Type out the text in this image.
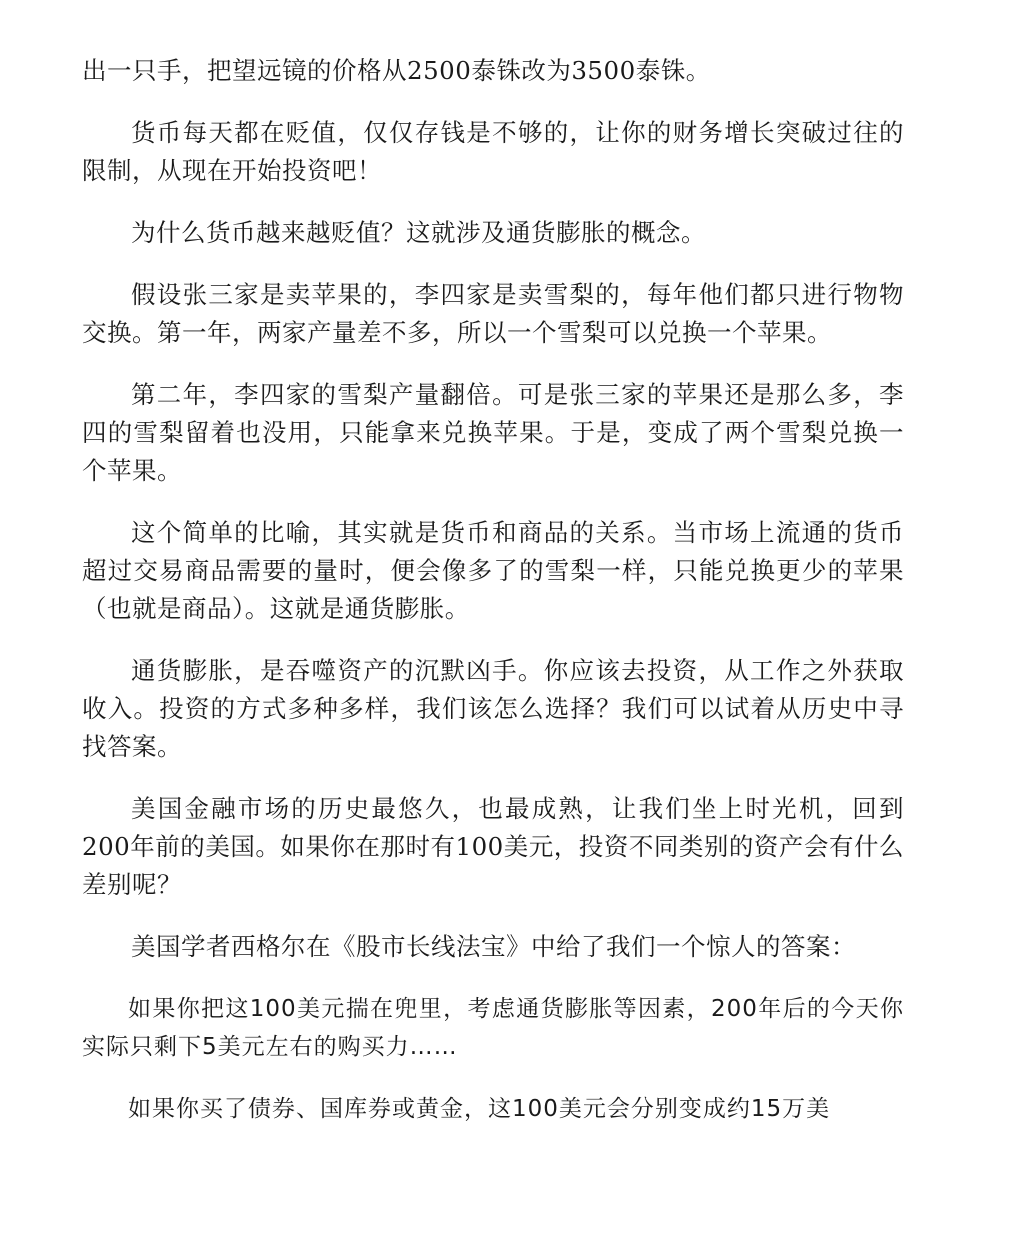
出一只手，把望远镜的价格从2500泰铢改为3500泰铢。

货币每天都在贬值，仅仅存钱是不够的，让你的财务增长突破过往的限制，从现在开始投资吧！

为什么货币越来越贬值？这就涉及通货膨胀的概念。

假设张三家是卖苹果的，李四家是卖雪梨的，每年他们都只进行物物交换。第一年，两家产量差不多，所以一个雪梨可以兑换一个苹果。

第二年，李四家的雪梨产量翻倍。可是张三家的苹果还是那么多，李四的雪梨留着也没用，只能拿来兑换苹果。于是，变成了两个雪梨兑换一个苹果。

这个简单的比喻，其实就是货币和商品的关系。当市场上流通的货币超过交易商品需要的量时，便会像多了的雪梨一样，只能兑换更少的苹果（也就是商品）。这就是通货膨胀。

通货膨胀，是吞噬资产的沉默凶手。你应该去投资，从工作之外获取收入。投资的方式多种多样，我们该怎么选择？我们可以试着从历史中寻找答案。

美国金融市场的历史最悠久，也最成熟，让我们坐上时光机，回到200年前的美国。如果你在那时有100美元，投资不同类别的资产会有什么差别呢？

美国学者西格尔在《股市长线法宝》中给了我们一个惊人的答案：

如果你把这100美元揣在兜里，考虑通货膨胀等因素，200年后的今天你实际只剩下5美元左右的购买力……

如果你买了债券、国库券或黄金，这100美元会分别变成约15万美
